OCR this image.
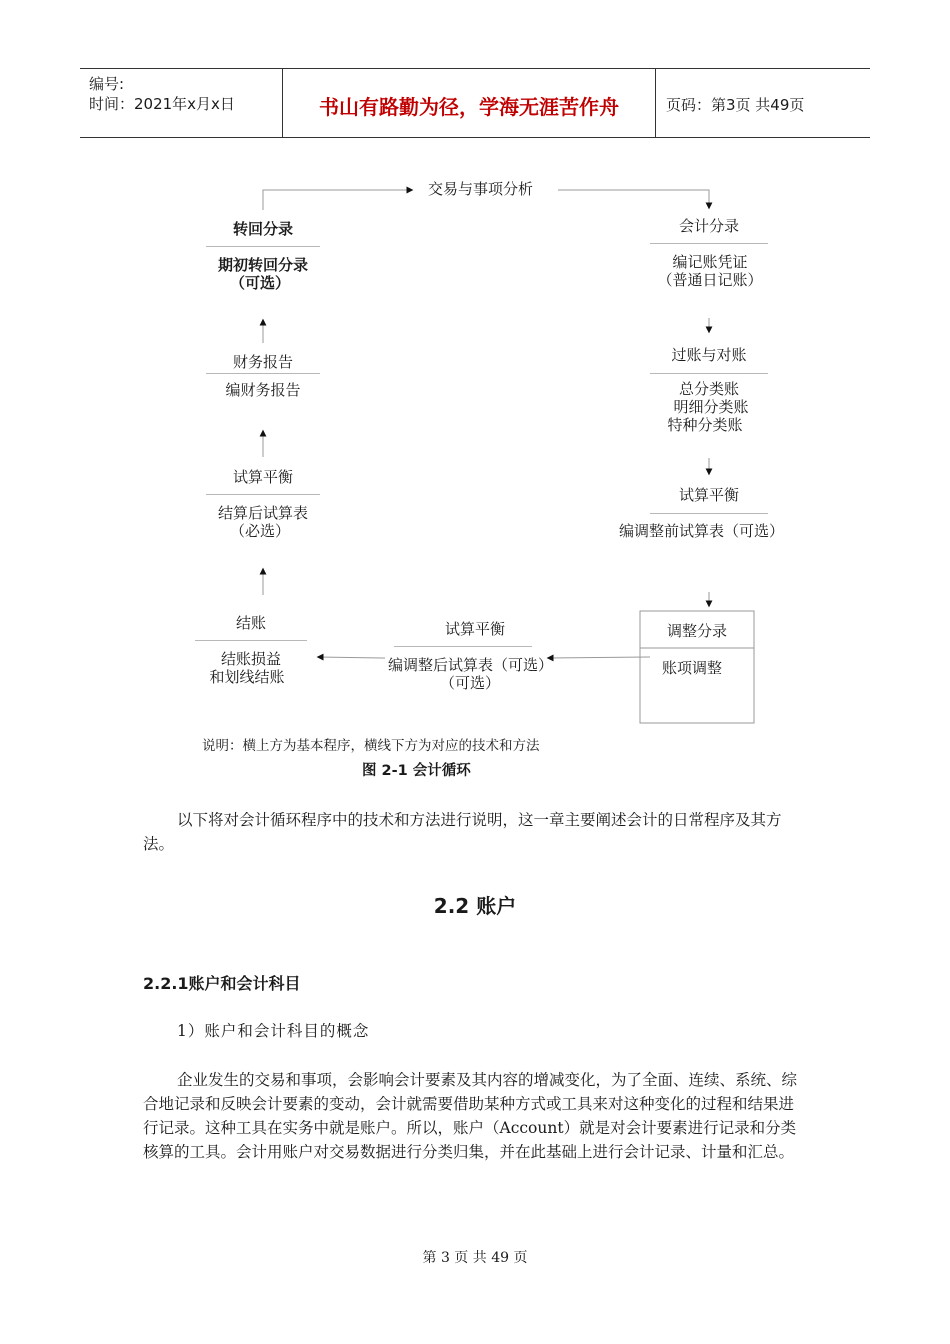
编号:
时间：2021年x月x日	书山有路勤为径，学海无涯苦作舟	页码：第3页 共49页
交易与事项分析
会计分录
编记账凭证
（普通日记账）
过账与对账
总分类账
明细分类账
特种分类账
试算平衡
编调整前试算表（可选）
调整分录
账项调整
试算平衡
编调整后试算表（可选）
（可选）
结账
结账损益
和划线结账
试算平衡
结算后试算表
（必选）
财务报告
编财务报告
转回分录
期初转回分录
（可选）
说明：横上方为基本程序，横线下方为对应的技术和方法
图 2-1 会计循环
以下将对会计循环程序中的技术和方法进行说明，这一章主要阐述会计的日常程序及其方法。
2.2 账户
2.2.1账户和会计科目
1）账户和会计科目的概念
企业发生的交易和事项，会影响会计要素及其内容的增减变化，为了全面、连续、系统、综合地记录和反映会计要素的变动，会计就需要借助某种方式或工具来对这种变化的过程和结果进行记录。这种工具在实务中就是账户。所以，账户（Account）就是对会计要素进行记录和分类核算的工具。会计用账户对交易数据进行分类归集，并在此基础上进行会计记录、计量和汇总。
第 3 页 共 49 页
